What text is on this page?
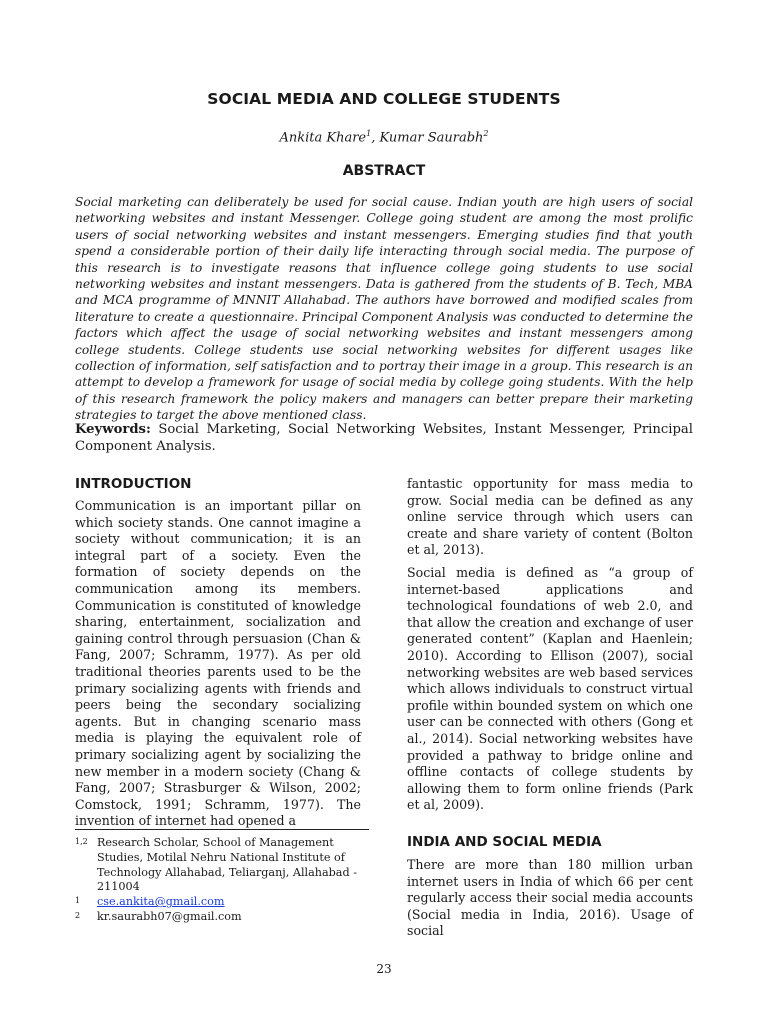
SOCIAL MEDIA AND COLLEGE STUDENTS
Ankita Khare$^1$, Kumar Saurabh$^2$
ABSTRACT

Social marketing can deliberately be used for social cause. Indian youth are high users of social networking websites and instant Messenger. College going student are among the most prolific users of social networking websites and instant messengers. Emerging studies find that youth spend a considerable portion of their daily life interacting through social media. The purpose of this research is to investigate reasons that influence college going students to use social networking websites and instant messengers. Data is gathered from the students of B. Tech, MBA and MCA programme of MNNIT Allahabad. The authors have borrowed and modified scales from literature to create a questionnaire. Principal Component Analysis was conducted to determine the factors which affect the usage of social networking websites and instant messengers among college students. College students use social networking websites for different usages like collection of information, self satisfaction and to portray their image in a group. This research is an attempt to develop a framework for usage of social media by college going students. With the help of this research framework the policy makers and managers can better prepare their marketing strategies to target the above mentioned class.

Keywords: Social Marketing, Social Networking Websites, Instant Messenger, Principal Component Analysis.

INTRODUCTION

Communication is an important pillar on which society stands. One cannot imagine a society without communication; it is an integral part of a society. Even the formation of society depends on the communication among its members. Communication is constituted of knowledge sharing, entertainment, socialization and gaining control through persuasion (Chan & Fang, 2007; Schramm, 1977). As per old traditional theories parents used to be the primary socializing agents with friends and peers being the secondary socializing agents. But in changing scenario mass media is playing the equivalent role of primary socializing agent by socializing the new member in a modern society (Chang & Fang, 2007; Strasburger & Wilson, 2002; Comstock, 1991; Schramm, 1977). The invention of internet had opened a

fantastic opportunity for mass media to grow. Social media can be defined as any online service through which users can create and share variety of content (Bolton et al, 2013).

Social media is defined as “a group of internet-based applications and technological foundations of web 2.0, and that allow the creation and exchange of user generated content” (Kaplan and Haenlein; 2010). According to Ellison (2007), social networking websites are web based services which allows individuals to construct virtual profile within bounded system on which one user can be connected with others (Gong et al., 2014). Social networking websites have provided a pathway to bridge online and offline contacts of college students by allowing them to form online friends (Park et al, 2009).

INDIA AND SOCIAL MEDIA

There are more than 180 million urban internet users in India of which 66 per cent regularly access their social media accounts (Social media in India, 2016). Usage of social

1,2 Research Scholar, School of Management Studies, Motilal Nehru National Institute of Technology Allahabad, Teliarganj, Allahabad - 211004
1	cse.ankita@gmail.com
2	kr.saurabh07@gmail.com
23
